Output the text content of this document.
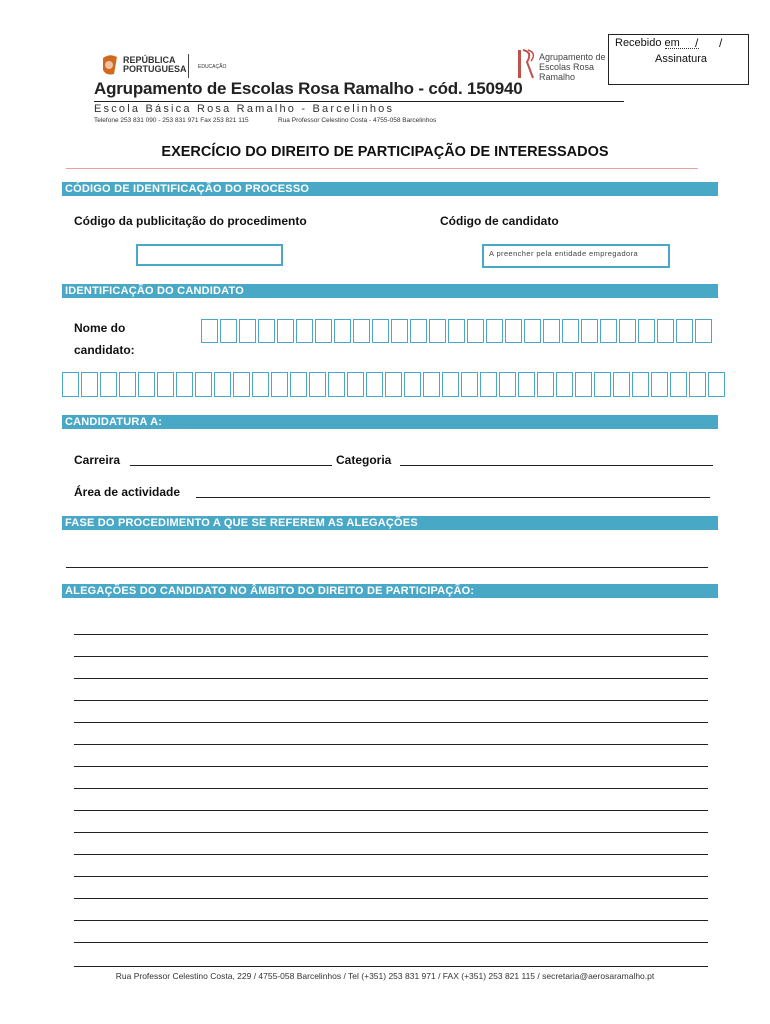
REPÚBLICA
PORTUGUESA EDUCAÇÃO
Agrupamento de Escolas Rosa Ramalho - cód. 150940
Escola Básica Rosa Ramalho - Barcelinhos
Telefone 253 831 090 - 253 831 971 Fax 253 821 115	Rua Professor Celestino Costa - 4755-058 Barcelinhos
Agrupamento de Escolas Rosa Ramalho
Recebido em / /
Assinatura
EXERCÍCIO DO DIREITO DE PARTICIPAÇÃO DE INTERESSADOS
CÓDIGO DE IDENTIFICAÇÃO DO PROCESSO
Código da publicitação do procedimento	Código de candidato
A preencher pela entidade empregadora
IDENTIFICAÇÃO DO CANDIDATO
Nome do
candidato:
CANDIDATURA A:
Carreira	Categoria
Área de actividade
FASE DO PROCEDIMENTO A QUE SE REFEREM AS ALEGAÇÕES
ALEGAÇÕES DO CANDIDATO NO ÂMBITO DO DIREITO DE PARTICIPAÇÃO:
Rua Professor Celestino Costa, 229 / 4755-058 Barcelinhos / Tel (+351) 253 831 971 / FAX (+351) 253 821 115 / secretaria@aerosaramalho.pt
